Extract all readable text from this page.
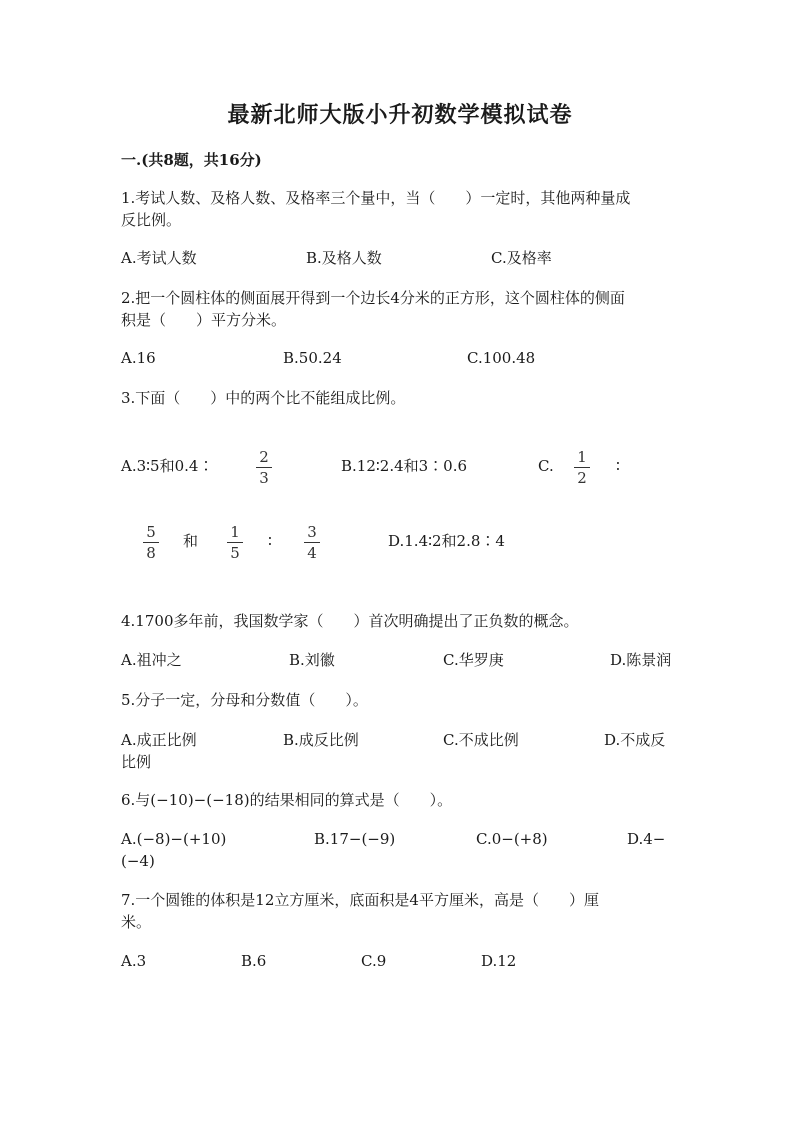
最新北师大版小升初数学模拟试卷
一.(共8题，共16分)
1.考试人数、及格人数、及格率三个量中，当（　　）一定时，其他两种量成
反比例。
A.考试人数	B.及格人数	C.及格率
2.把一个圆柱体的侧面展开得到一个边长4分米的正方形，这个圆柱体的侧面
积是（　　）平方分米。
A.16	B.50.24	C.100.48
3.下面（　　）中的两个比不能组成比例。
A.3∶5和0.4∶	2
3
B.12∶2.4和3∶0.6	C.	1
2
∶
5
8
和	1
5
∶	3
4
D.1.4∶2和2.8∶4
4.1700多年前，我国数学家（　　）首次明确提出了正负数的概念。
A.祖冲之	B.刘徽	C.华罗庚	D.陈景润
5.分子一定，分母和分数值（　　）。
A.成正比例	B.成反比例	C.不成比例	D.不成反
比例
6.与(−10)−(−18)的结果相同的算式是（　　）。
A.(−8)−(+10)	B.17−(−9)	C.0−(+8)	D.4−
(−4)
7.一个圆锥的体积是12立方厘米，底面积是4平方厘米，高是（　　）厘
米。
A.3	B.6	C.9	D.12
